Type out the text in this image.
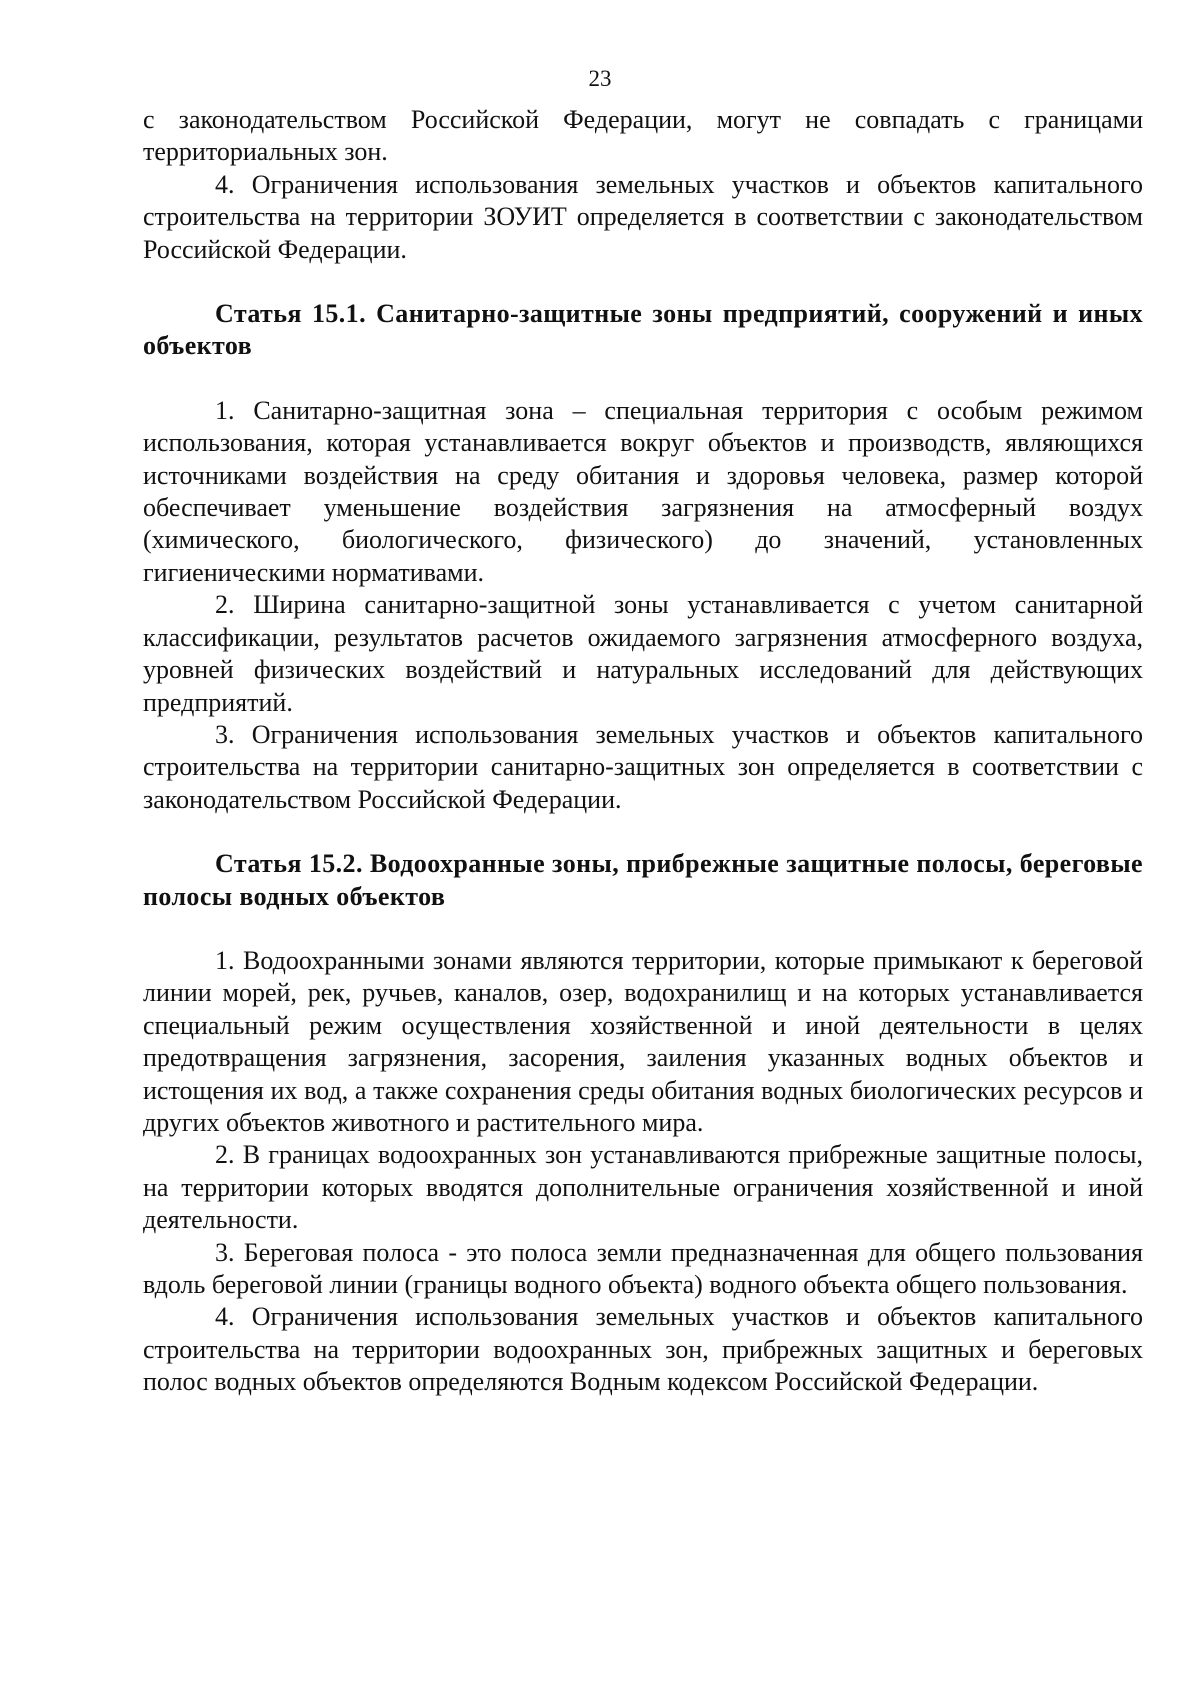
23

с законодательством Российской Федерации, могут не совпадать с границами территориальных зон.

4. Ограничения использования земельных участков и объектов капитального строительства на территории ЗОУИТ определяется в соответствии с законодательством Российской Федерации.

Статья 15.1. Санитарно-защитные зоны предприятий, сооружений и иных объектов

1. Санитарно-защитная зона – специальная территория с особым режимом использования, которая устанавливается вокруг объектов и производств, являющихся источниками воздействия на среду обитания и здоровья человека, размер которой обеспечивает уменьшение воздействия загрязнения на атмосферный воздух (химического, биологического, физического) до значений, установленных гигиеническими нормативами.

2. Ширина санитарно-защитной зоны устанавливается с учетом санитарной классификации, результатов расчетов ожидаемого загрязнения атмосферного воздуха, уровней физических воздействий и натуральных исследований для действующих предприятий.

3. Ограничения использования земельных участков и объектов капитального строительства на территории санитарно-защитных зон определяется в соответствии с законодательством Российской Федерации.

Статья 15.2. Водоохранные зоны, прибрежные защитные полосы, береговые полосы водных объектов

1. Водоохранными зонами являются территории, которые примыкают к береговой линии морей, рек, ручьев, каналов, озер, водохранилищ и на которых устанавливается специальный режим осуществления хозяйственной и иной деятельности в целях предотвращения загрязнения, засорения, заиления указанных водных объектов и истощения их вод, а также сохранения среды обитания водных биологических ресурсов и других объектов животного и растительного мира.

2. В границах водоохранных зон устанавливаются прибрежные защитные полосы, на территории которых вводятся дополнительные ограничения хозяйственной и иной деятельности.

3. Береговая полоса - это полоса земли предназначенная для общего пользования вдоль береговой линии (границы водного объекта) водного объекта общего пользования.

4. Ограничения использования земельных участков и объектов капитального строительства на территории водоохранных зон, прибрежных защитных и береговых полос водных объектов определяются Водным кодексом Российской Федерации.
